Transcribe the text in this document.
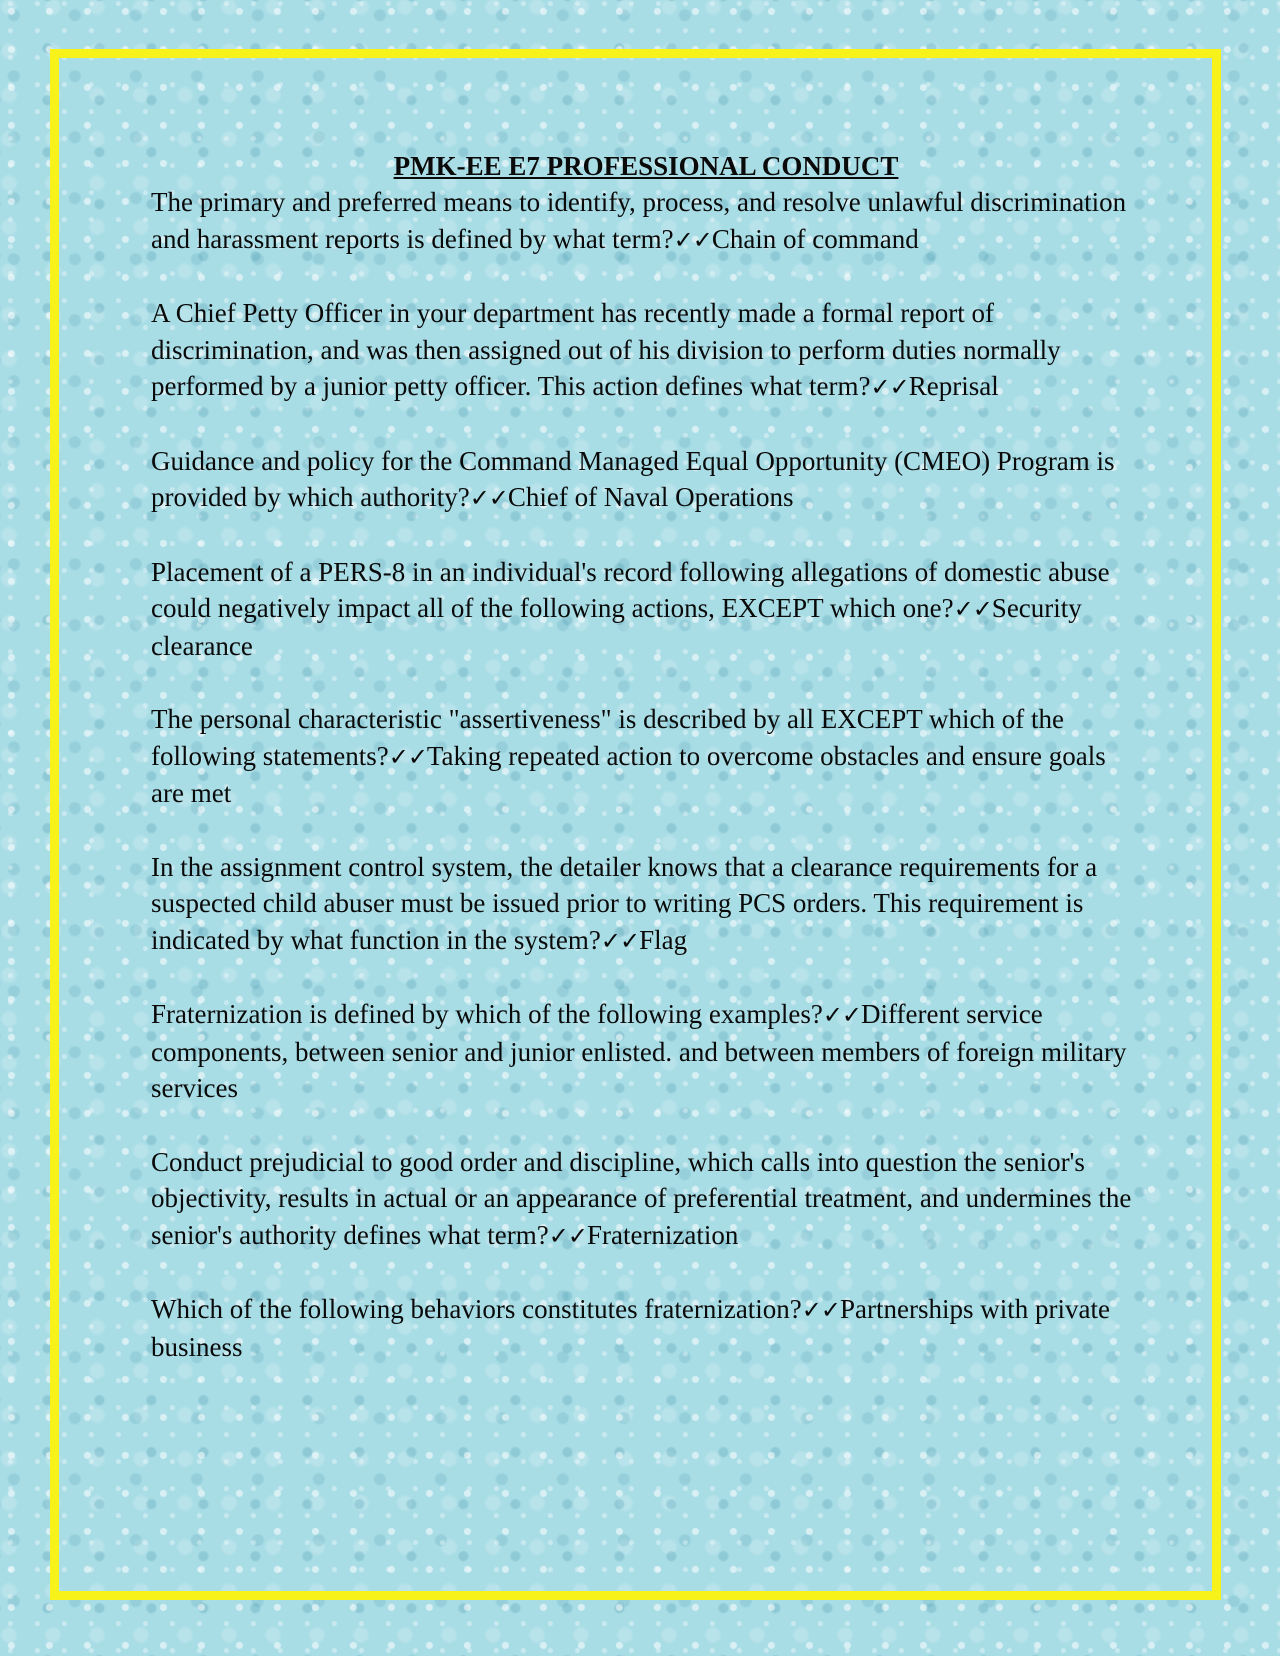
PMK-EE E7 PROFESSIONAL CONDUCT

The primary and preferred means to identify, process, and resolve unlawful discrimination and harassment reports is defined by what term?✓✓Chain of command

A Chief Petty Officer in your department has recently made a formal report of discrimination, and was then assigned out of his division to perform duties normally performed by a junior petty officer. This action defines what term?✓✓Reprisal

Guidance and policy for the Command Managed Equal Opportunity (CMEO) Program is provided by which authority?✓✓Chief of Naval Operations

Placement of a PERS-8 in an individual's record following allegations of domestic abuse could negatively impact all of the following actions, EXCEPT which one?✓✓Security clearance

The personal characteristic "assertiveness" is described by all EXCEPT which of the following statements?✓✓Taking repeated action to overcome obstacles and ensure goals are met

In the assignment control system, the detailer knows that a clearance requirements for a suspected child abuser must be issued prior to writing PCS orders. This requirement is indicated by what function in the system?✓✓Flag

Fraternization is defined by which of the following examples?✓✓Different service components, between senior and junior enlisted. and between members of foreign military services

Conduct prejudicial to good order and discipline, which calls into question the senior's objectivity, results in actual or an appearance of preferential treatment, and undermines the senior's authority defines what term?✓✓Fraternization

Which of the following behaviors constitutes fraternization?✓✓Partnerships with private business
